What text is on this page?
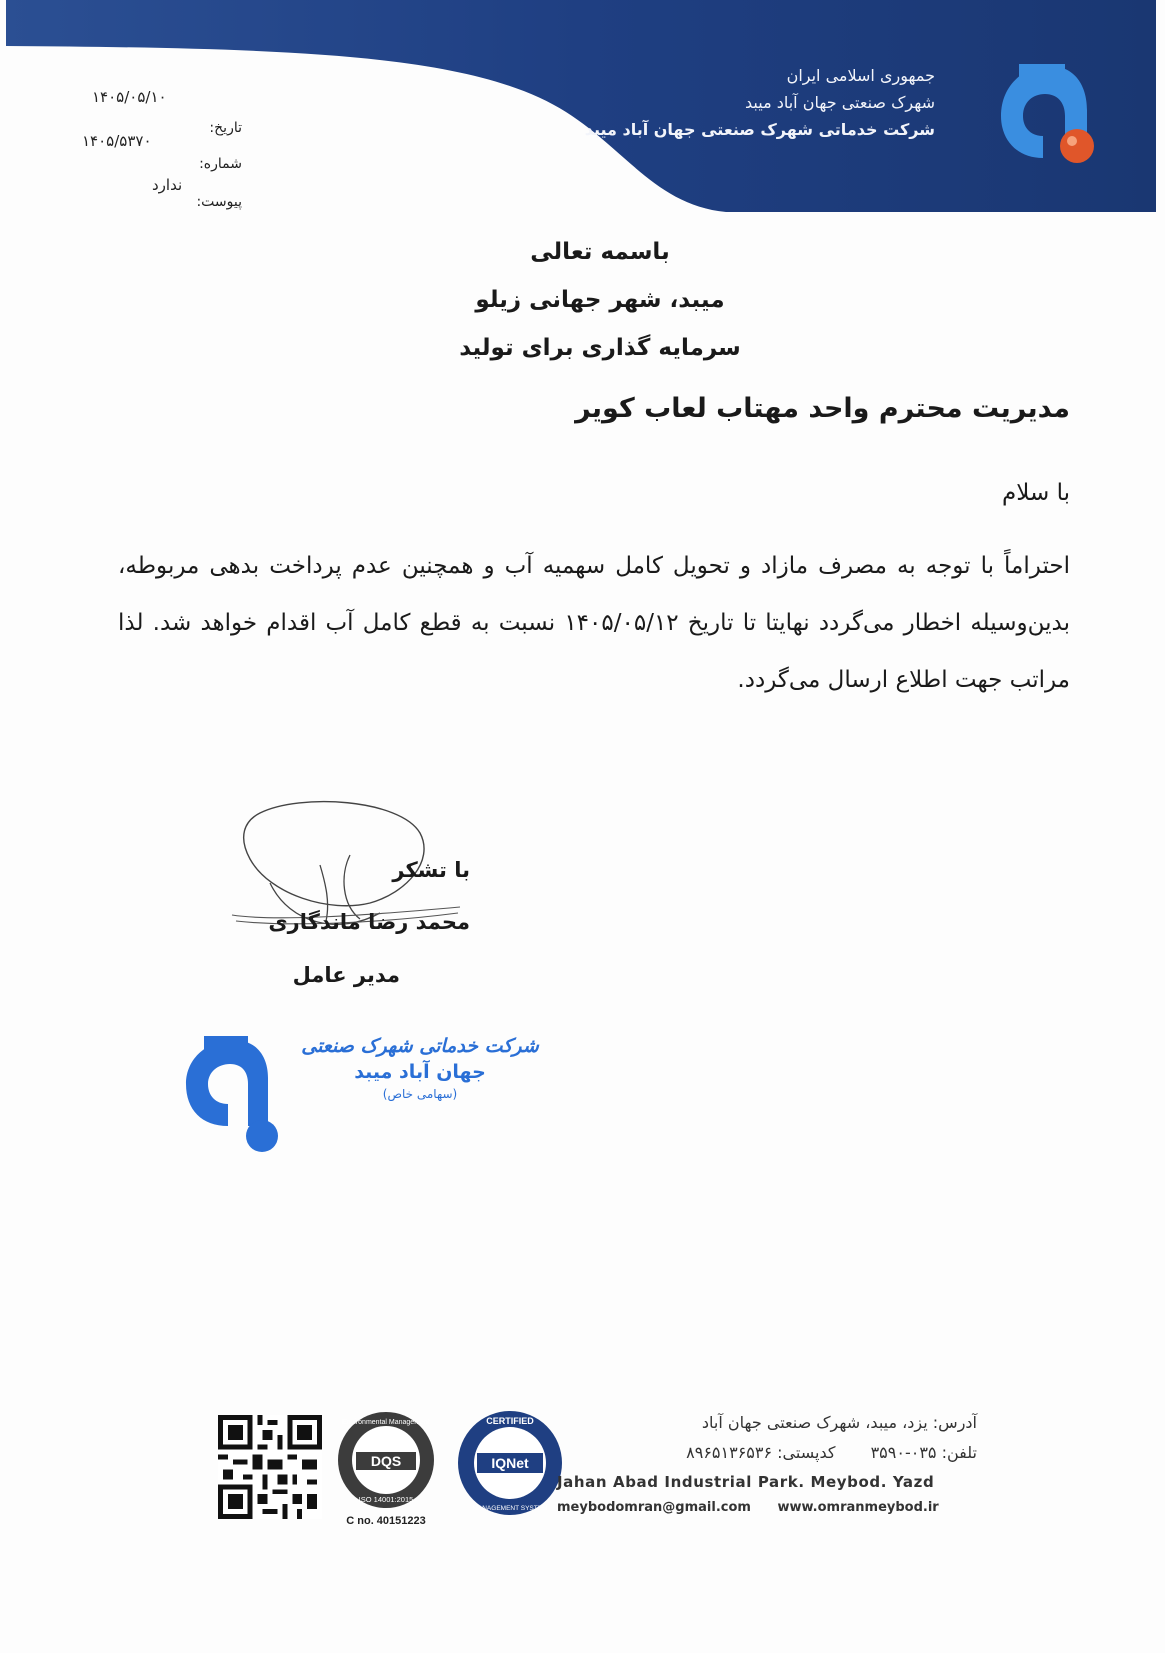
جمهوری اسلامی ایران
شهرک صنعتی جهان آباد میبد
شرکت خدماتی شهرک صنعتی جهان آباد میبد
۱۴۰۵/۰۵/۱۰
تاریخ:
۱۴۰۵/۵۳۷۰
شماره:
ندارد
پیوست:
باسمه تعالی
میبد، شهر جهانی زیلو
سرمایه گذاری برای تولید
مدیریت محترم واحد مهتاب لعاب کویر
با سلام
احتراماً با توجه به مصرف مازاد و تحویل کامل سهمیه آب و همچنین عدم پرداخت بدهی مربوطه، بدین‌وسیله اخطار می‌گردد نهایتا تا تاریخ ۱۴۰۵/۰۵/۱۲ نسبت به قطع کامل آب اقدام خواهد شد. لذا مراتب جهت اطلاع ارسال می‌گردد.
با تشکر
محمد رضا ماندگاری
مدیر عامل
شرکت خدماتی شهرک صنعتی
جهان آباد میبد
(سهامی خاص)
DQS
Environmental Management
ISO 14001:2015
C no. 40151223
IQNet
CERTIFIED
MANAGEMENT SYSTEM
آدرس: یزد، میبد، شهرک صنعتی جهان آباد
تلفن: ۰۳۵-۳۵۹۰ کدپستی: ۸۹۶۵۱۳۶۵۳۶
Jahan Abad Industrial Park. Meybod. Yazd
meybodomran@gmail.com www.omranmeybod.ir
